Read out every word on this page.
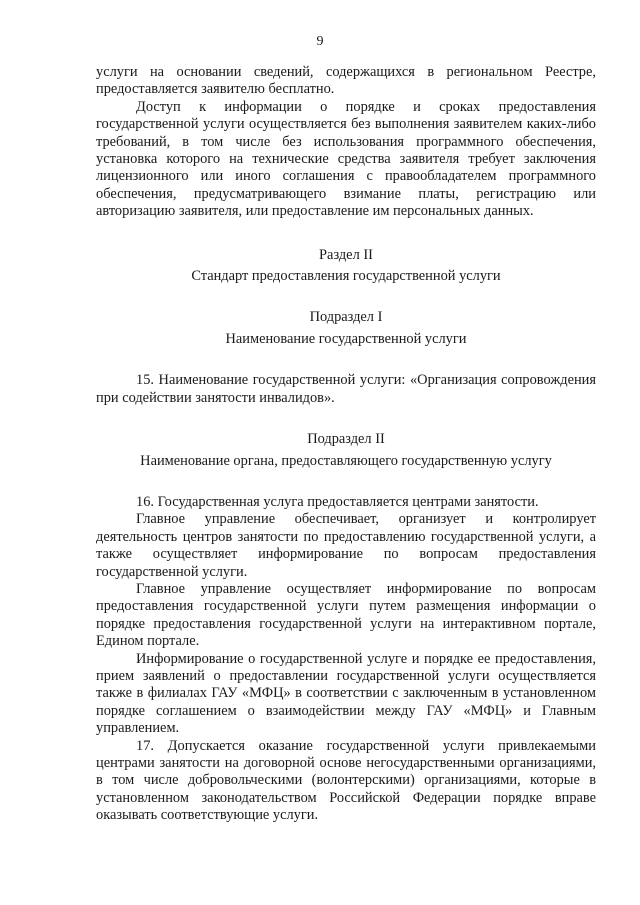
9

услуги на основании сведений, содержащихся в региональном Реестре, предоставляется заявителю бесплатно.

Доступ к информации о порядке и сроках предоставления государственной услуги осуществляется без выполнения заявителем каких-либо требований, в том числе без использования программного обеспечения, установка которого на технические средства заявителя требует заключения лицензионного или иного соглашения с правообладателем программного обеспечения, предусматривающего взимание платы, регистрацию или авторизацию заявителя, или предоставление им персональных данных.

Раздел II

Стандарт предоставления государственной услуги

Подраздел I

Наименование государственной услуги

15. Наименование государственной услуги: «Организация сопровождения при содействии занятости инвалидов».

Подраздел II

Наименование органа, предоставляющего государственную услугу

16. Государственная услуга предоставляется центрами занятости.

Главное управление обеспечивает, организует и контролирует деятельность центров занятости по предоставлению государственной услуги, а также осуществляет информирование по вопросам предоставления государственной услуги.

Главное управление осуществляет информирование по вопросам предоставления государственной услуги путем размещения информации о порядке предоставления государственной услуги на интерактивном портале, Едином портале.

Информирование о государственной услуге и порядке ее предоставления, прием заявлений о предоставлении государственной услуги осуществляется также в филиалах ГАУ «МФЦ» в соответствии с заключенным в установленном порядке соглашением о взаимодействии между ГАУ «МФЦ» и Главным управлением.

17. Допускается оказание государственной услуги привлекаемыми центрами занятости на договорной основе негосударственными организациями, в том числе добровольческими (волонтерскими) организациями, которые в установленном законодательством Российской Федерации порядке вправе оказывать соответствующие услуги.
